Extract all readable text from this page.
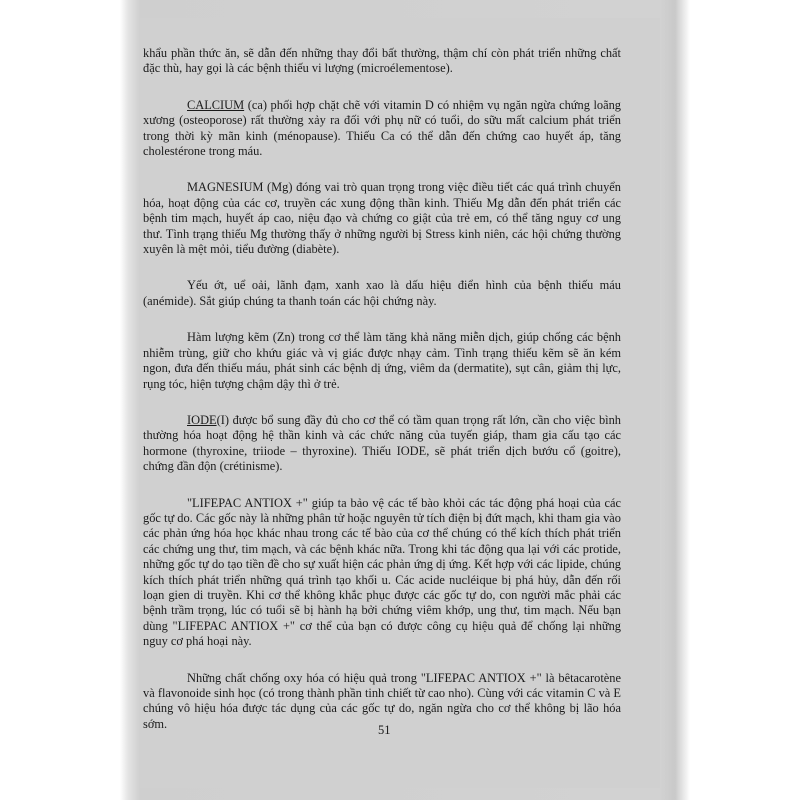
khẩu phần thức ăn, sẽ dẫn đến những thay đổi bất thường, thậm chí còn phát triển những chất đặc thù, hay gọi là các bệnh thiếu vi lượng (microélementose).

CALCIUM (ca) phối hợp chặt chẽ với vitamin D có nhiệm vụ ngăn ngừa chứng loãng xương (osteoporose) rất thường xảy ra đối với phụ nữ có tuổi, do sữu mất calcium phát triển trong thời kỳ mãn kinh (ménopause). Thiếu Ca có thể dẫn đến chứng cao huyết áp, tăng cholestérone trong máu.

MAGNESIUM (Mg) đóng vai trò quan trọng trong việc điều tiết các quá trình chuyển hóa, hoạt động của các cơ, truyền các xung động thần kinh. Thiếu Mg dẫn đến phát triển các bệnh tim mạch, huyết áp cao, niệu đạo và chứng co giật của trẻ em, có thể tăng nguy cơ ung thư. Tình trạng thiếu Mg thường thấy ở những người bị Stress kinh niên, các hội chứng thường xuyên là mệt mỏi, tiểu đường (diabète).

Yếu ớt, uể oải, lãnh đạm, xanh xao là dấu hiệu điển hình của bệnh thiếu máu (anémide). Sắt giúp chúng ta thanh toán các hội chứng này.

Hàm lượng kẽm (Zn) trong cơ thể làm tăng khả năng miễn dịch, giúp chống các bệnh nhiễm trùng, giữ cho khứu giác và vị giác được nhạy cảm. Tình trạng thiếu kẽm sẽ ăn kém ngon, đưa đến thiếu máu, phát sinh các bệnh dị ứng, viêm da (dermatite), sụt cân, giảm thị lực, rụng tóc, hiện tượng chậm dậy thì ở trẻ.

IODE(I) được bổ sung đầy đủ cho cơ thể có tầm quan trọng rất lớn, cần cho việc bình thường hóa hoạt động hệ thần kinh và các chức năng của tuyến giáp, tham gia cấu tạo các hormone (thyroxine, triiode – thyroxine). Thiếu IODE, sẽ phát triển dịch bướu cổ (goitre), chứng đần độn (crétinisme).

"LIFEPAC ANTIOX +" giúp ta bảo vệ các tế bào khỏi các tác động phá hoại của các gốc tự do. Các gốc này là những phân tử hoặc nguyên tử tích điện bị đứt mạch, khi tham gia vào các phản ứng hóa học khác nhau trong các tế bào của cơ thể chúng có thể kích thích phát triển các chứng ung thư, tim mạch, và các bệnh khác nữa. Trong khi tác động qua lại với các protide, những gốc tự do tạo tiền đề cho sự xuất hiện các phản ứng dị ứng. Kết hợp với các lipide, chúng kích thích phát triển những quá trình tạo khối u. Các acide nucléique bị phá hủy, dẫn đến rối loạn gien di truyền. Khi cơ thể không khắc phục được các gốc tự do, con người mắc phải các bệnh trầm trọng, lúc có tuổi sẽ bị hành hạ bởi chứng viêm khớp, ung thư, tim mạch. Nếu bạn dùng "LIFEPAC ANTIOX +" cơ thể của bạn có được công cụ hiệu quả để chống lại những nguy cơ phá hoại này.

Những chất chống oxy hóa có hiệu quả trong "LIFEPAC ANTIOX +" là bêtacarotène và flavonoide sinh học (có trong thành phần tinh chiết từ cao nho). Cùng với các vitamin C và E chúng vô hiệu hóa được tác dụng của các gốc tự do, ngăn ngừa cho cơ thể không bị lão hóa sớm.	51
